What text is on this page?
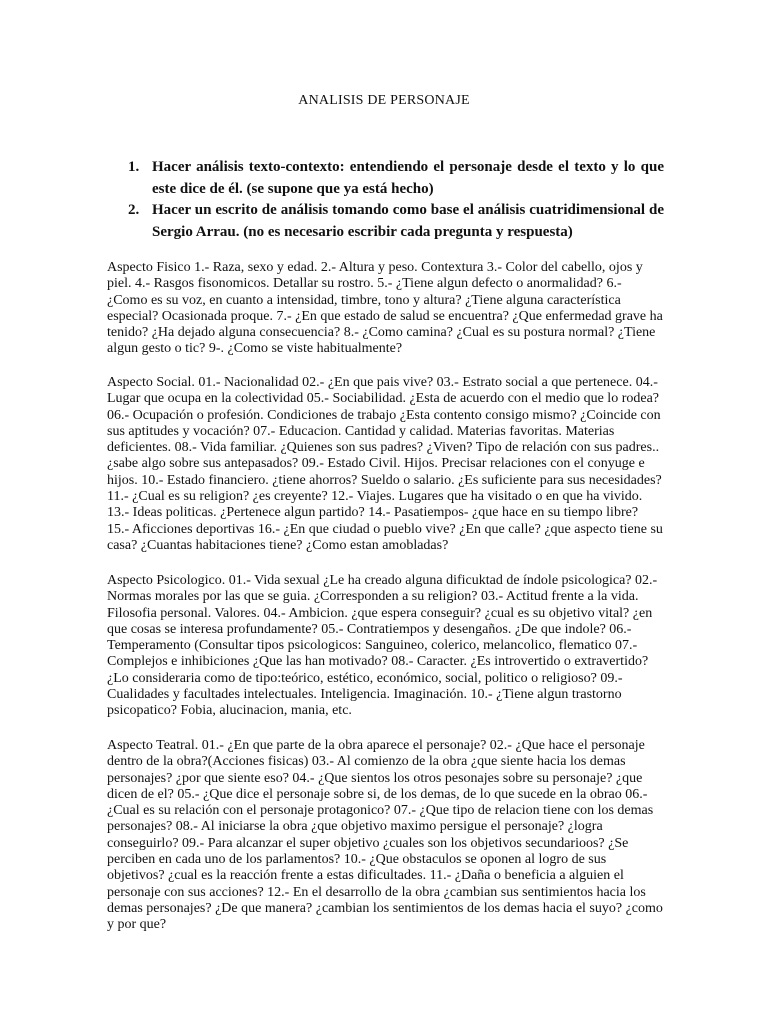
ANALISIS DE PERSONAJE
1. Hacer análisis texto-contexto: entendiendo el personaje desde el texto y lo que este dice de él. (se supone que ya está hecho)
2. Hacer un escrito de análisis tomando como base el análisis cuatridimensional de Sergio Arrau. (no es necesario escribir cada pregunta y respuesta)

Aspecto Fisico 1.- Raza, sexo y edad. 2.- Altura y peso. Contextura 3.- Color del cabello, ojos y piel. 4.- Rasgos fisonomicos. Detallar su rostro. 5.- ¿Tiene algun defecto o anormalidad? 6.- ¿Como es su voz, en cuanto a intensidad, timbre, tono y altura? ¿Tiene alguna característica especial? Ocasionada proque. 7.- ¿En que estado de salud se encuentra? ¿Que enfermedad grave ha tenido? ¿Ha dejado alguna consecuencia? 8.- ¿Como camina? ¿Cual es su postura normal? ¿Tiene algun gesto o tic? 9-. ¿Como se viste habitualmente?

Aspecto Social. 01.- Nacionalidad 02.- ¿En que pais vive? 03.- Estrato social a que pertenece. 04.- Lugar que ocupa en la colectividad 05.- Sociabilidad. ¿Esta de acuerdo con el medio que lo rodea? 06.- Ocupación o profesión. Condiciones de trabajo ¿Esta contento consigo mismo? ¿Coincide con sus aptitudes y vocación? 07.- Educacion. Cantidad y calidad. Materias favoritas. Materias deficientes. 08.- Vida familiar. ¿Quienes son sus padres? ¿Viven? Tipo de relación con sus padres.. ¿sabe algo sobre sus antepasados? 09.- Estado Civil. Hijos. Precisar relaciones con el conyuge e hijos. 10.- Estado financiero. ¿tiene ahorros? Sueldo o salario. ¿Es suficiente para sus necesidades? 11.- ¿Cual es su religion? ¿es creyente? 12.- Viajes. Lugares que ha visitado o en que ha vivido. 13.- Ideas politicas. ¿Pertenece algun partido? 14.- Pasatiempos- ¿que hace en su tiempo libre? 15.- Aficciones deportivas 16.- ¿En que ciudad o pueblo vive? ¿En que calle? ¿que aspecto tiene su casa? ¿Cuantas habitaciones tiene? ¿Como estan amobladas?

Aspecto Psicologico. 01.- Vida sexual ¿Le ha creado alguna dificuktad de índole psicologica? 02.- Normas morales por las que se guia. ¿Corresponden a su religion? 03.- Actitud frente a la vida. Filosofia personal. Valores. 04.- Ambicion. ¿que espera conseguir? ¿cual es su objetivo vital? ¿en que cosas se interesa profundamente? 05.- Contratiempos y desengaños. ¿De que indole? 06.- Temperamento (Consultar tipos psicologicos: Sanguineo, colerico, melancolico, flematico 07.- Complejos e inhibiciones ¿Que las han motivado? 08.- Caracter. ¿Es introvertido o extravertido? ¿Lo consideraria como de tipo:teórico, estético, económico, social, politico o religioso? 09.- Cualidades y facultades intelectuales. Inteligencia. Imaginación. 10.- ¿Tiene algun trastorno psicopatico? Fobia, alucinacion, mania, etc.

Aspecto Teatral. 01.- ¿En que parte de la obra aparece el personaje? 02.- ¿Que hace el personaje dentro de la obra?(Acciones fisicas) 03.- Al comienzo de la obra ¿que siente hacia los demas personajes? ¿por que siente eso? 04.- ¿Que sientos los otros pesonajes sobre su personaje? ¿que dicen de el? 05.- ¿Que dice el personaje sobre si, de los demas, de lo que sucede en la obrao 06.- ¿Cual es su relación con el personaje protagonico? 07.- ¿Que tipo de relacion tiene con los demas personajes? 08.- Al iniciarse la obra ¿que objetivo maximo persigue el personaje? ¿logra conseguirlo? 09.- Para alcanzar el super objetivo ¿cuales son los objetivos secundarioos? ¿Se perciben en cada uno de los parlamentos? 10.- ¿Que obstaculos se oponen al logro de sus objetivos? ¿cual es la reacción frente a estas dificultades. 11.- ¿Daña o beneficia a alguien el personaje con sus acciones? 12.- En el desarrollo de la obra ¿cambian sus sentimientos hacia los demas personajes? ¿De que manera? ¿cambian los sentimientos de los demas hacia el suyo? ¿como y por que?
